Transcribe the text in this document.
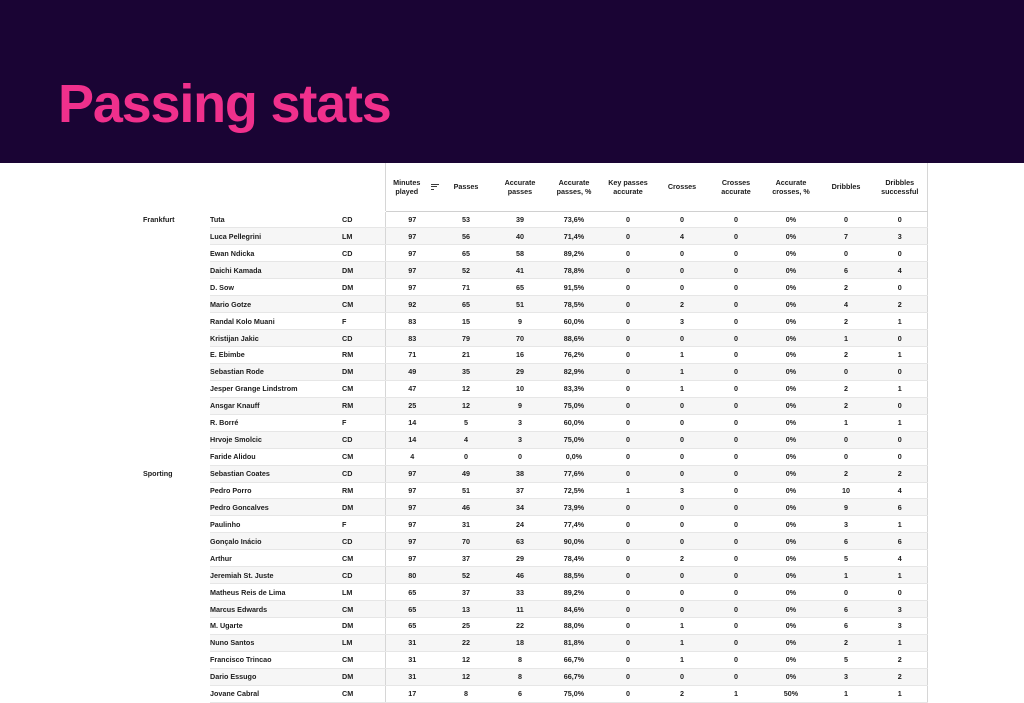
Passing stats

			Minutes played	Passes	Accurate passes	Accurate passes, %	Key passes accurate	Crosses	Crosses accurate	Accurate crosses, %	Dribbles	Dribbles successful
Frankfurt	Tuta	CD	97	53	39	73,6%	0	0	0	0%	0	0
	Luca Pellegrini	LM	97	56	40	71,4%	0	4	0	0%	7	3
	Ewan Ndicka	CD	97	65	58	89,2%	0	0	0	0%	0	0
	Daichi Kamada	DM	97	52	41	78,8%	0	0	0	0%	6	4
	D. Sow	DM	97	71	65	91,5%	0	0	0	0%	2	0
	Mario Gotze	CM	92	65	51	78,5%	0	2	0	0%	4	2
	Randal Kolo Muani	F	83	15	9	60,0%	0	3	0	0%	2	1
	Kristijan Jakic	CD	83	79	70	88,6%	0	0	0	0%	1	0
	E. Ebimbe	RM	71	21	16	76,2%	0	1	0	0%	2	1
	Sebastian Rode	DM	49	35	29	82,9%	0	1	0	0%	0	0
	Jesper Grange Lindstrom	CM	47	12	10	83,3%	0	1	0	0%	2	1
	Ansgar Knauff	RM	25	12	9	75,0%	0	0	0	0%	2	0
	R. Borré	F	14	5	3	60,0%	0	0	0	0%	1	1
	Hrvoje Smolcic	CD	14	4	3	75,0%	0	0	0	0%	0	0
	Faride Alidou	CM	4	0	0	0,0%	0	0	0	0%	0	0
Sporting	Sebastian Coates	CD	97	49	38	77,6%	0	0	0	0%	2	2
	Pedro Porro	RM	97	51	37	72,5%	1	3	0	0%	10	4
	Pedro Goncalves	DM	97	46	34	73,9%	0	0	0	0%	9	6
	Paulinho	F	97	31	24	77,4%	0	0	0	0%	3	1
	Gonçalo Inácio	CD	97	70	63	90,0%	0	0	0	0%	6	6
	Arthur	CM	97	37	29	78,4%	0	2	0	0%	5	4
	Jeremiah St. Juste	CD	80	52	46	88,5%	0	0	0	0%	1	1
	Matheus Reis de Lima	LM	65	37	33	89,2%	0	0	0	0%	0	0
	Marcus Edwards	CM	65	13	11	84,6%	0	0	0	0%	6	3
	M. Ugarte	DM	65	25	22	88,0%	0	1	0	0%	6	3
	Nuno Santos	LM	31	22	18	81,8%	0	1	0	0%	2	1
	Francisco Trincao	CM	31	12	8	66,7%	0	1	0	0%	5	2
	Dario Essugo	DM	31	12	8	66,7%	0	0	0	0%	3	2
	Jovane Cabral	CM	17	8	6	75,0%	0	2	1	50%	1	1
